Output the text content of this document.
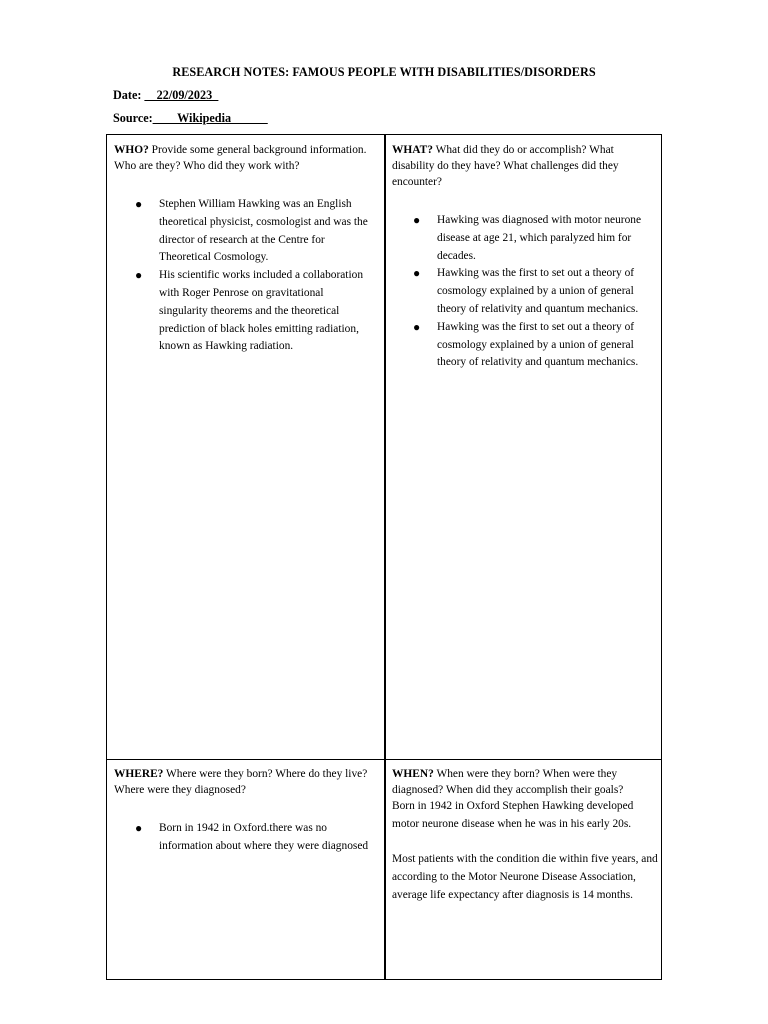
RESEARCH NOTES: FAMOUS PEOPLE WITH DISABILITIES/DISORDERS
Date: __22/09/2023_
Source:____Wikipedia______

WHO? Provide some general background information. Who are they? Who did they work with?

● Stephen William Hawking was an English theoretical physicist, cosmologist and was the director of research at the Centre for Theoretical Cosmology.
● His scientific works included a collaboration with Roger Penrose on gravitational singularity theorems and the theoretical prediction of black holes emitting radiation, known as Hawking radiation.

WHAT? What did they do or accomplish? What disability do they have? What challenges did they encounter?

● Hawking was diagnosed with motor neurone disease at age 21, which paralyzed him for decades.
● Hawking was the first to set out a theory of cosmology explained by a union of general theory of relativity and quantum mechanics.
● Hawking was the first to set out a theory of cosmology explained by a union of general theory of relativity and quantum mechanics.

WHERE? Where were they born? Where do they live? Where were they diagnosed?

● Born in 1942 in Oxford.there was no information about where they were diagnosed

WHEN? When were they born? When were they diagnosed? When did they accomplish their goals?

Born in 1942 in Oxford Stephen Hawking developed motor neurone disease when he was in his early 20s.

Most patients with the condition die within five years, and according to the Motor Neurone Disease Association, average life expectancy after diagnosis is 14 months.
